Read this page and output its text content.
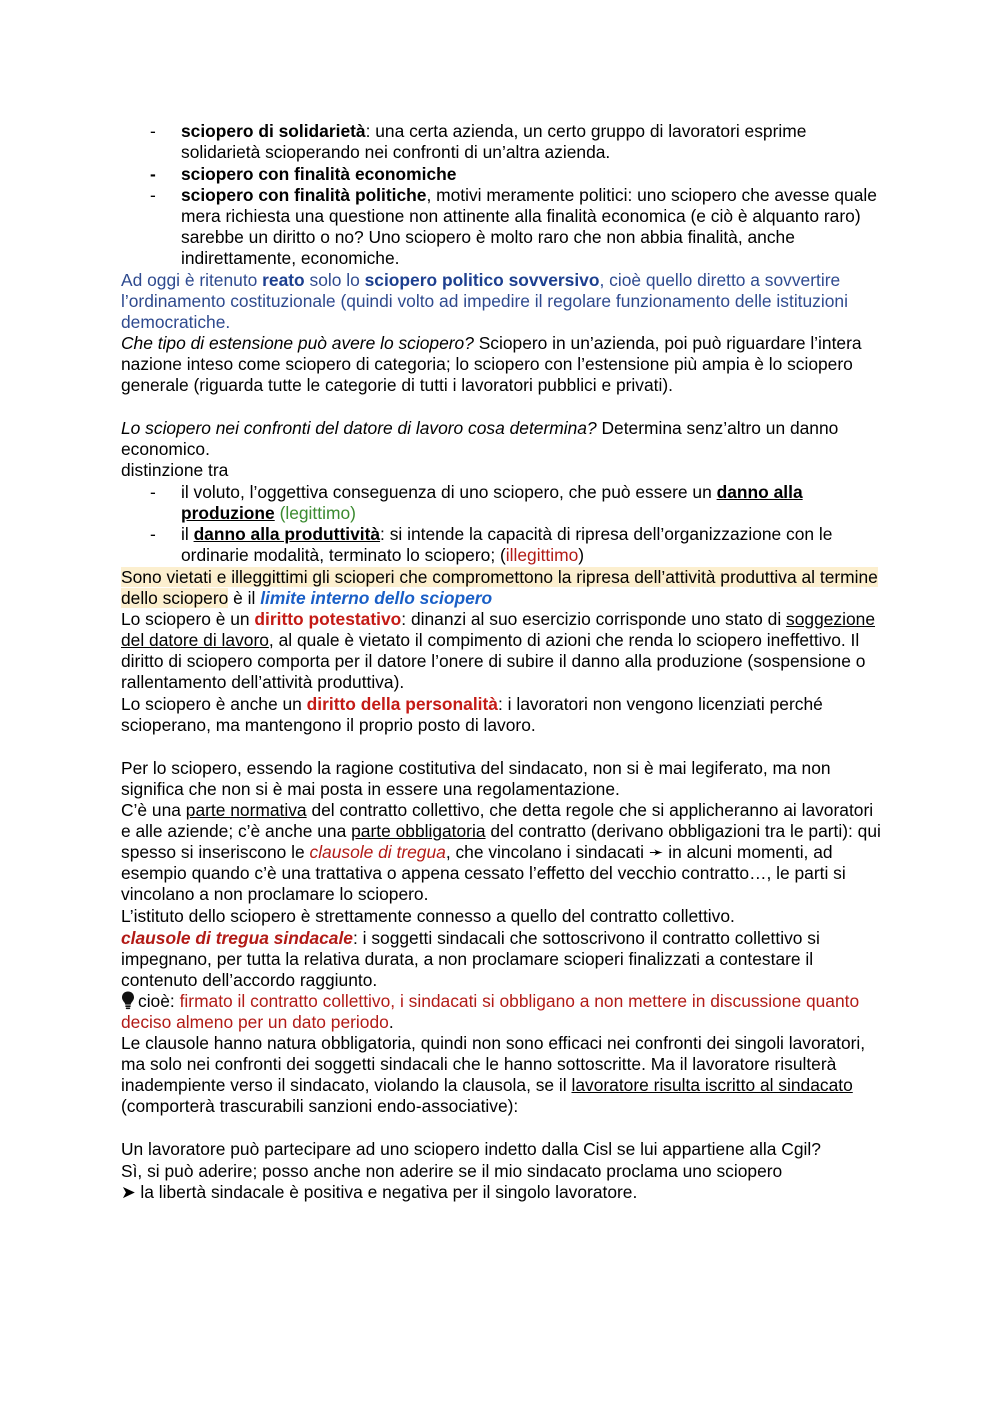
- sciopero di solidarietà: una certa azienda, un certo gruppo di lavoratori esprime solidarietà scioperando nei confronti di un’altra azienda.
- sciopero con finalità economiche
- sciopero con finalità politiche, motivi meramente politici: uno sciopero che avesse quale mera richiesta una questione non attinente alla finalità economica (e ciò è alquanto raro) sarebbe un diritto o no? Uno sciopero è molto raro che non abbia finalità, anche indirettamente, economiche.

Ad oggi è ritenuto reato solo lo sciopero politico sovversivo, cioè quello diretto a sovvertire l’ordinamento costituzionale (quindi volto ad impedire il regolare funzionamento delle istituzioni democratiche.

Che tipo di estensione può avere lo sciopero? Sciopero in un’azienda, poi può riguardare l’intera nazione inteso come sciopero di categoria; lo sciopero con l’estensione più ampia è lo sciopero generale (riguarda tutte le categorie di tutti i lavoratori pubblici e privati).

Lo sciopero nei confronti del datore di lavoro cosa determina? Determina senz’altro un danno economico.

distinzione tra

- il voluto, l’oggettiva conseguenza di uno sciopero, che può essere un danno alla produzione (legittimo)
- il danno alla produttività: si intende la capacità di ripresa dell’organizzazione con le ordinarie modalità, terminato lo sciopero; (illegittimo)

Sono vietati e illeggittimi gli scioperi che compromettono la ripresa dell’attività produttiva al termine dello sciopero è il limite interno dello sciopero

Lo sciopero è un diritto potestativo: dinanzi al suo esercizio corrisponde uno stato di soggezione del datore di lavoro, al quale è vietato il compimento di azioni che renda lo sciopero ineffettivo. Il diritto di sciopero comporta per il datore l’onere di subire il danno alla produzione (sospensione o rallentamento dell’attività produttiva).

Lo sciopero è anche un diritto della personalità: i lavoratori non vengono licenziati perché scioperano, ma mantengono il proprio posto di lavoro.

Per lo sciopero, essendo la ragione costitutiva del sindacato, non si è mai legiferato, ma non significa che non si è mai posta in essere una regolamentazione.

C’è una parte normativa del contratto collettivo, che detta regole che si applicheranno ai lavoratori e alle aziende; c’è anche una parte obbligatoria del contratto (derivano obbligazioni tra le parti): qui spesso si inseriscono le clausole di tregua, che vincolano i sindacati ➛ in alcuni momenti, ad esempio quando c’è una trattativa o appena cessato l’effetto del vecchio contratto…, le parti si vincolano a non proclamare lo sciopero.

L’istituto dello sciopero è strettamente connesso a quello del contratto collettivo.

clausole di tregua sindacale: i soggetti sindacali che sottoscrivono il contratto collettivo si impegnano, per tutta la relativa durata, a non proclamare scioperi finalizzati a contestare il contenuto dell’accordo raggiunto.

cioè: firmato il contratto collettivo, i sindacati si obbligano a non mettere in discussione quanto deciso almeno per un dato periodo.

Le clausole hanno natura obbligatoria, quindi non sono efficaci nei confronti dei singoli lavoratori, ma solo nei confronti dei soggetti sindacali che le hanno sottoscritte. Ma il lavoratore risulterà inadempiente verso il sindacato, violando la clausola, se il lavoratore risulta iscritto al sindacato (comporterà trascurabili sanzioni endo-associative):

Un lavoratore può partecipare ad uno sciopero indetto dalla Cisl se lui appartiene alla Cgil?

Sì, si può aderire; posso anche non aderire se il mio sindacato proclama uno sciopero

➤ la libertà sindacale è positiva e negativa per il singolo lavoratore.
